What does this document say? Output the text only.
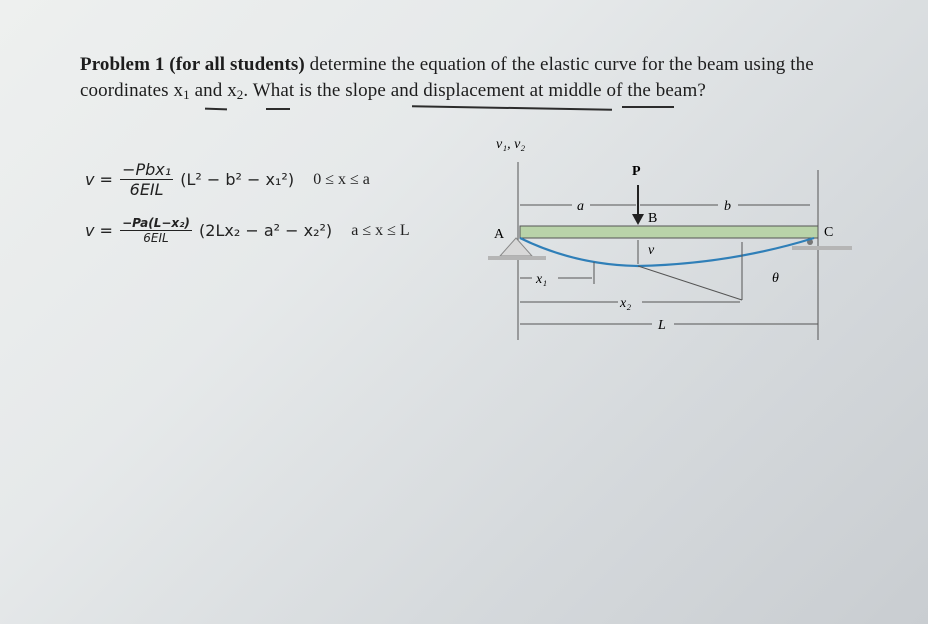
Problem 1 (for all students) determine the equation of the elastic curve for the beam using the coordinates $x_1$ and $x_2$. What is the slope and displacement at middle of the beam?
$v = \frac{\text{−Pbx₁}}{\text{6EIL}} (L^2 - b^2 - x_1^2) 0 \le x \le a$
$v = \frac{\text{−Pa(L−x₂)}}{\text{6EIL}} (2Lx_2 - a^2 - x_2^2) a \le x \le L$
v₁, v₂
P
a	b
B
A	C
v
θ
x₁
x₂
L
